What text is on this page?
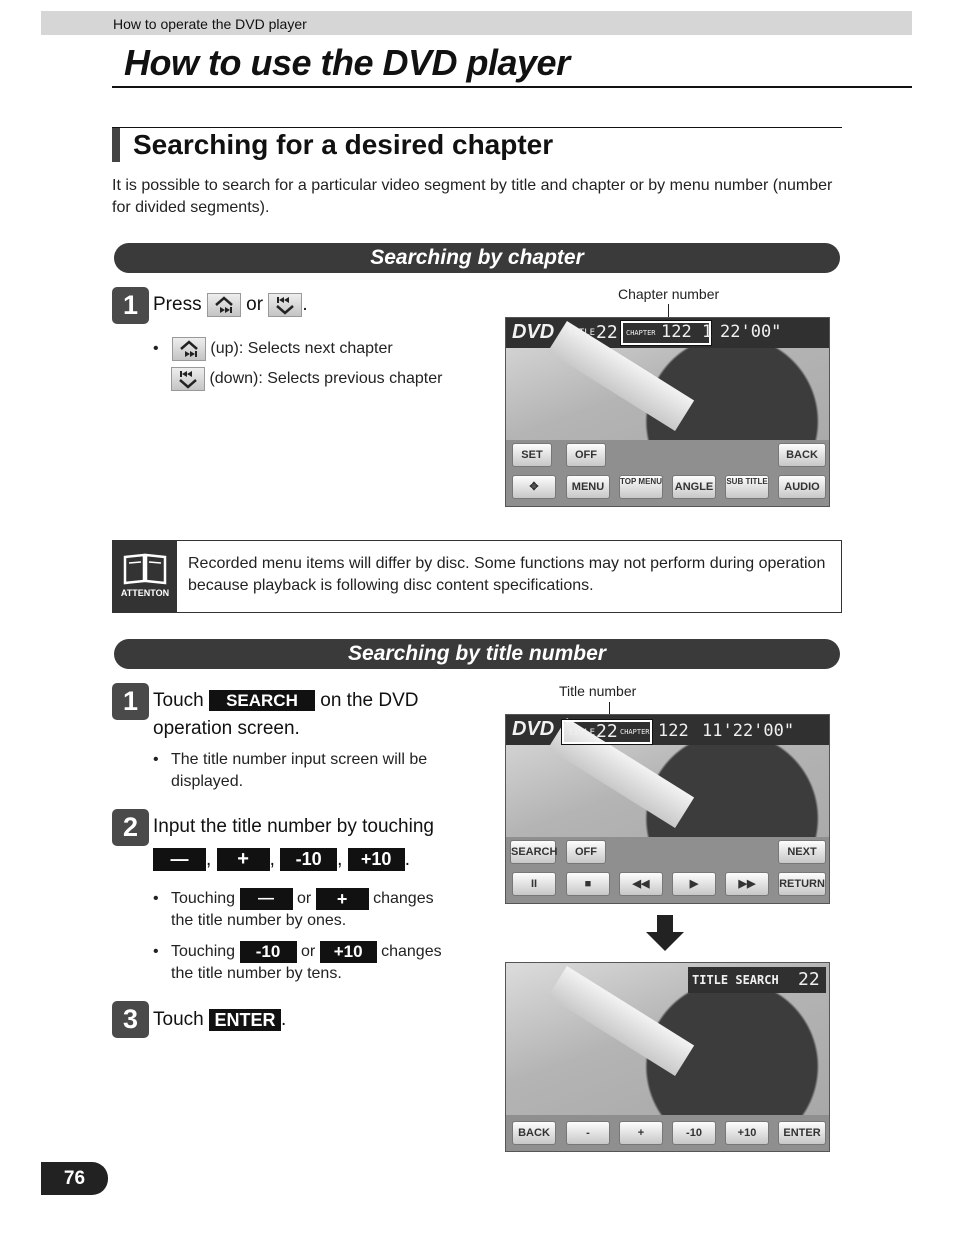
How to operate the DVD player
How to use the DVD player
Searching for a desired chapter
It is possible to search for a particular video segment by title and chapter or by menu number (number for divided segments).
Searching by chapter
1 Press or .
•	(up): Selects next chapter
(down): Selects previous chapter
Chapter number
DVD TITLE 22 CHAPTER 122 1 22'00"
SET	OFF	BACK
✥	MENU	TOP MENU ANGLE	SUB TITLE	AUDIO
ATTENTON
Recorded menu items will differ by disc. Some functions may not perform during operation because playback is following disc content specifications.
Searching by title number
1 Touch SEARCH on the DVD
operation screen.
• The title number input screen will be displayed.
2 Input the title number by touching
— , + , -10 , +10 .
• Touching — or + changes
the title number by ones.
• Touching -10 or +10 changes
the title number by tens.
3 Touch ENTER .
Title number
DVD TITLE 22 CHAPTER 122 11'22'00"
SEARCH	OFF	NEXT
II	■	◀◀	▶	▶▶	RETURN
TITLE SEARCH 22
BACK	-	+	-10	+10	ENTER
76
